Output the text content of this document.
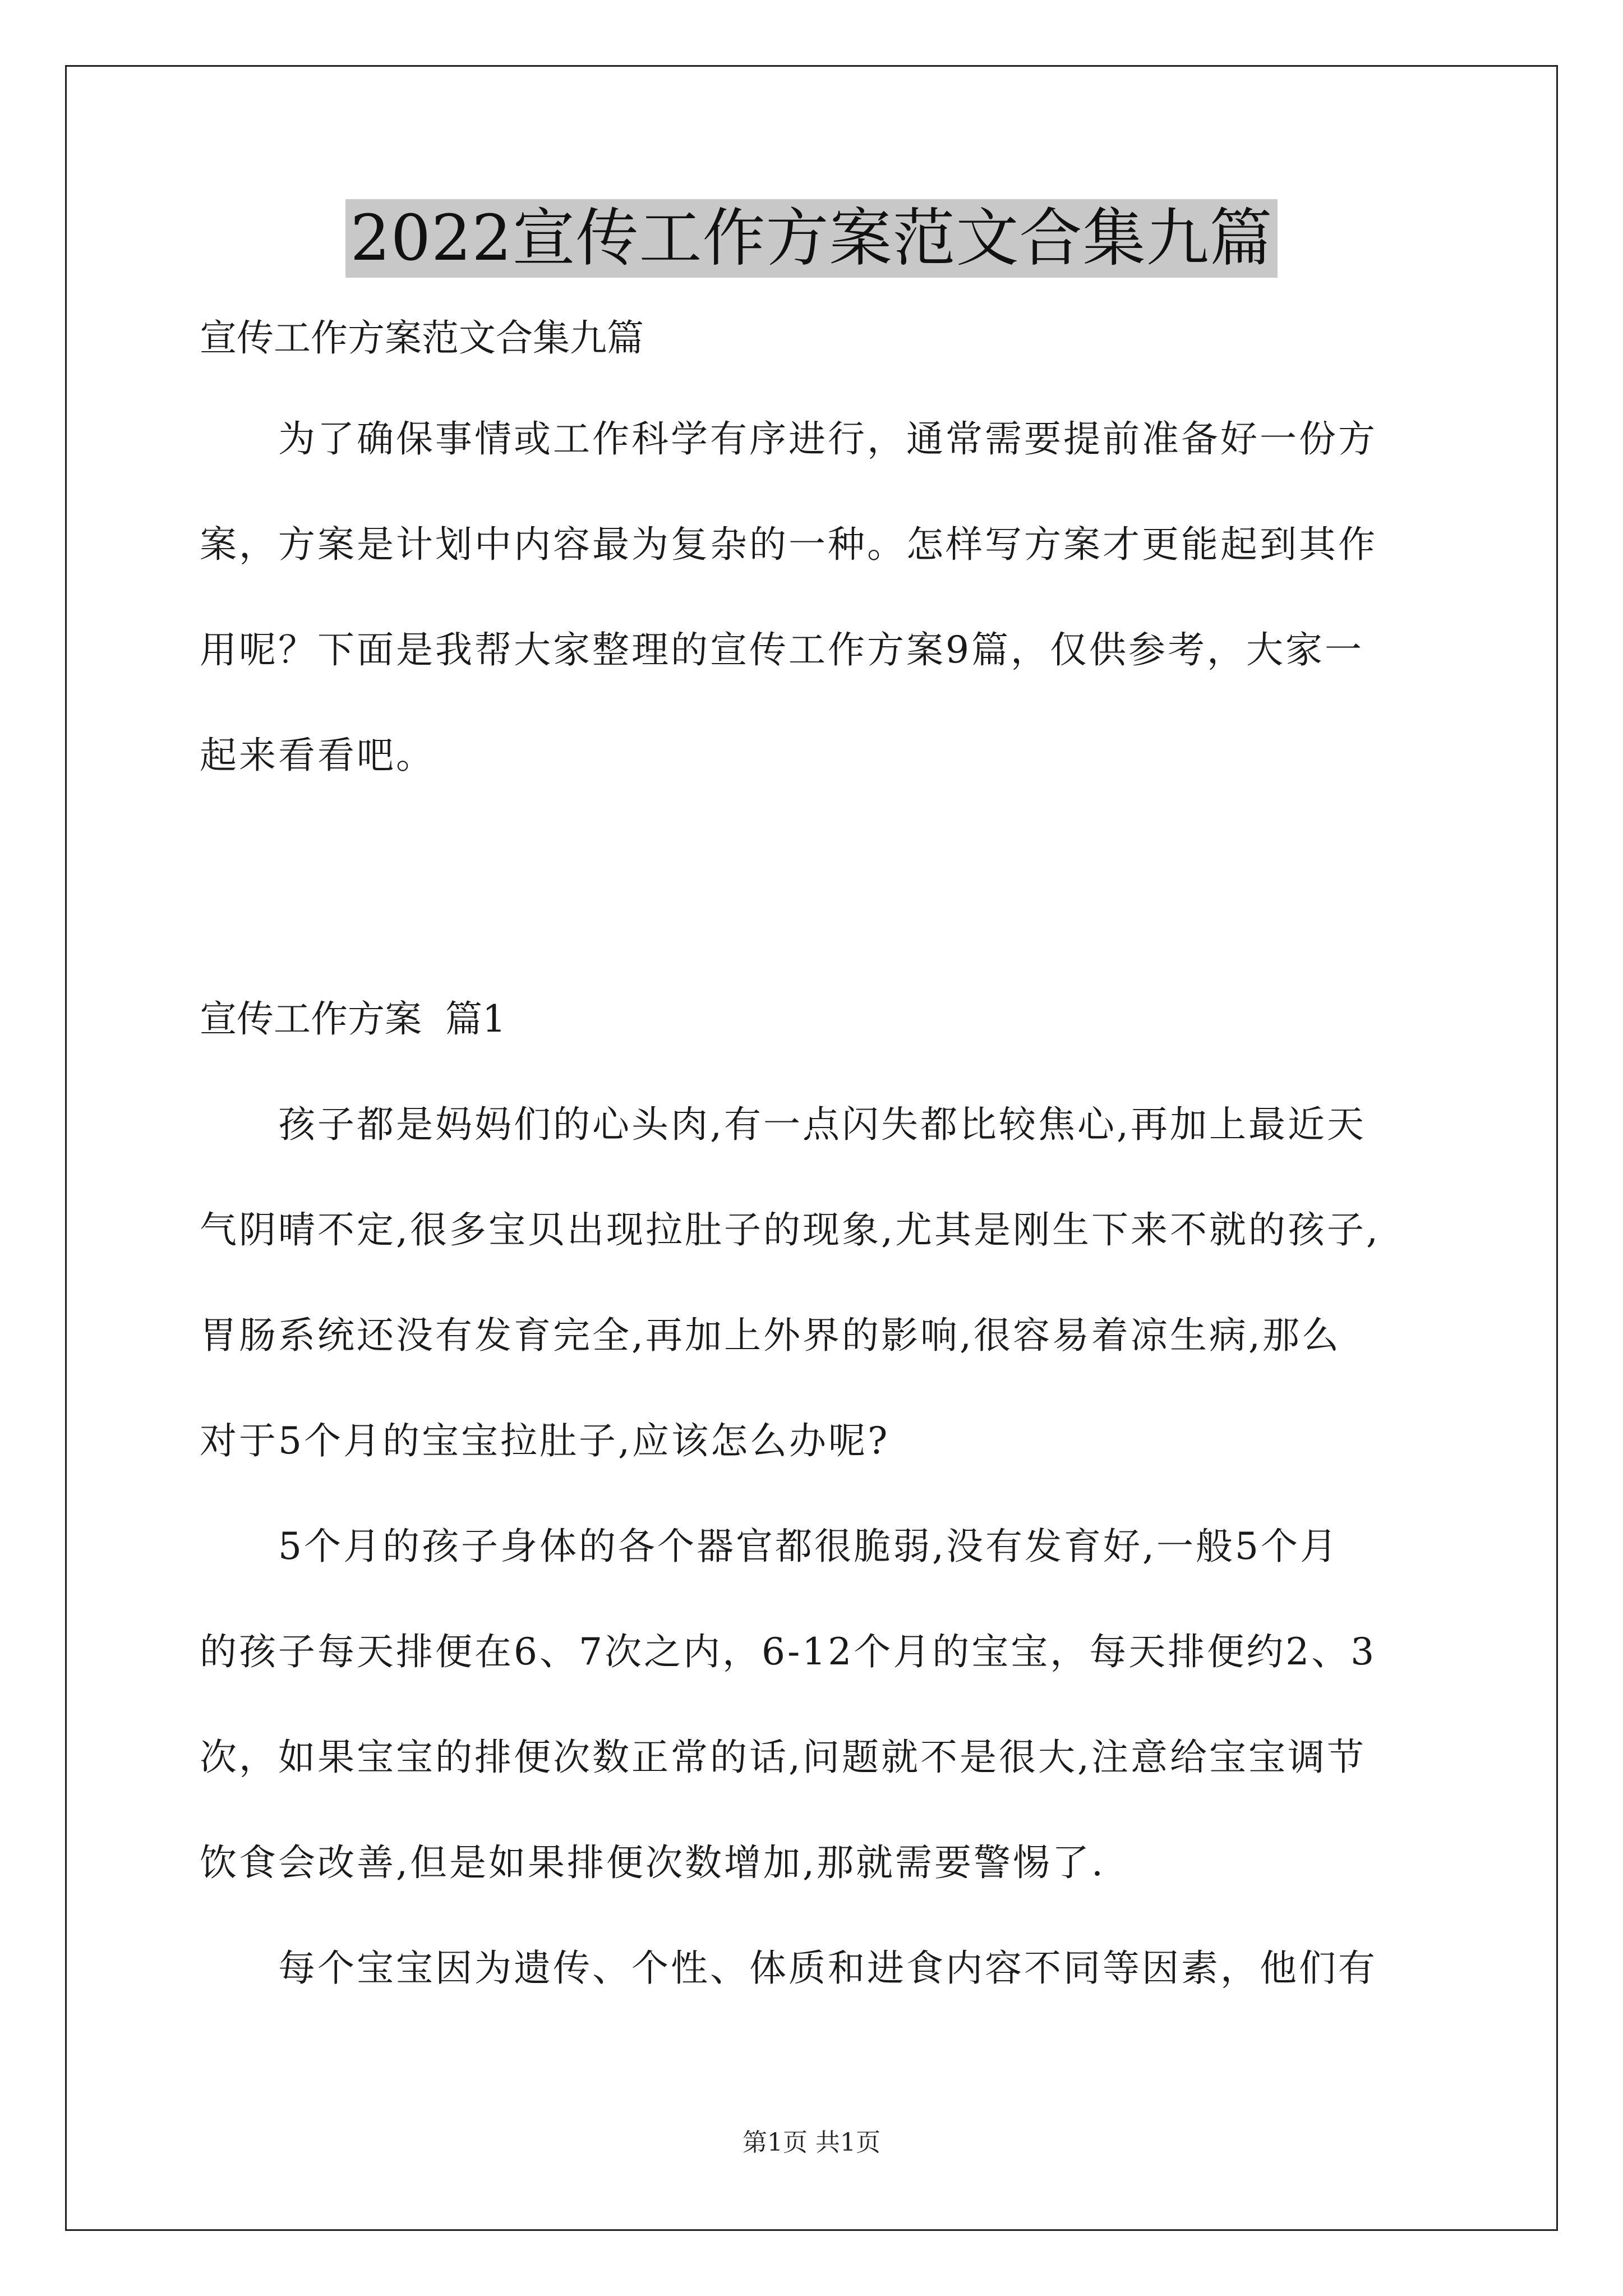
2022宣传工作方案范文合集九篇
宣传工作方案范文合集九篇
为了确保事情或工作科学有序进行，通常需要提前准备好一份方
案，方案是计划中内容最为复杂的一种。怎样写方案才更能起到其作
用呢？下面是我帮大家整理的宣传工作方案9篇，仅供参考，大家一
起来看看吧。
宣传工作方案  篇1
孩子都是妈妈们的心头肉,有一点闪失都比较焦心,再加上最近天
气阴晴不定,很多宝贝出现拉肚子的现象,尤其是刚生下来不就的孩子,
胃肠系统还没有发育完全,再加上外界的影响,很容易着凉生病,那么
对于5个月的宝宝拉肚子,应该怎么办呢?
5个月的孩子身体的各个器官都很脆弱,没有发育好,一般5个月
的孩子每天排便在6、7次之内，6-12个月的宝宝，每天排便约2、3
次，如果宝宝的排便次数正常的话,问题就不是很大,注意给宝宝调节
饮食会改善,但是如果排便次数增加,那就需要警惕了.
每个宝宝因为遗传、个性、体质和进食内容不同等因素，他们有
第1页 共1页
